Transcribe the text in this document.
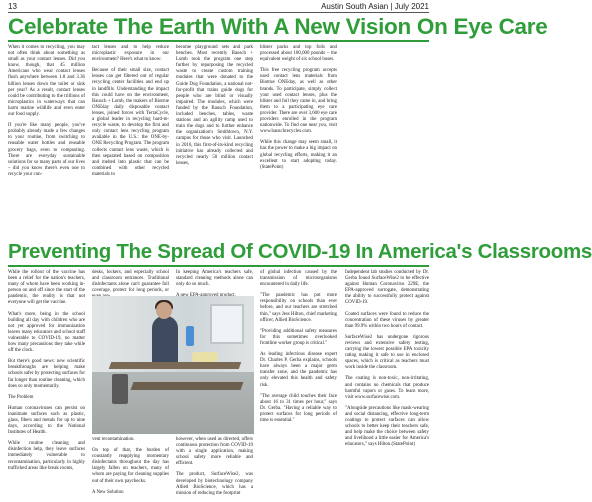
13	Austin South Asian | July 2021
Celebrate The Earth With A New Vision On Eye Care

When it comes to recycling, you may not often think about something as small as your contact lenses. Did you know, though, that 45 million Americans who wear contact lenses flush anywhere between 1.8 and 3.36 billion lenses down the toilet or sink per year? As a result, contact lenses could be contributing to the trillions of microplastics in waterways that can harm marine wildlife and even enter our food supply.

If you're like many people, you've probably already made a few changes to your routine, from switching to reusable water bottles and reusable grocery bags, even to composting. There are everyday sustainable solutions for so many parts of our lives – did you know there's even one to recycle your con-

tact lenses and to help reduce microplastic exposure in our environment? Here's what to know:

Because of their small size, contact lenses can get filtered out of regular recycling center facilities and end up in landfills. Understanding the impact this could have on the environment, Bausch + Lomb, the makers of Biotrue ONEday daily disposable contact lenses, joined forces with TerraCycle, a global leader in recycling hard-to-recycle waste, to develop the first and only contact lens recycling program available in the U.S.: the ONE-by-ONE Recycling Program. The program collects contact lens waste, which is then separated based on composition and melted into plastic that can be combined with other recycled materials to

become playground sets and park benches. Most recently Bausch + Lomb took the program one step further by repurposing the recycled waste to create custom training modules that were donated to the Guide Dog Foundation, a national not-for-profit that trains guide dogs for people who are blind or visually impaired. The modules, which were funded by the Bausch Foundation, included benches, tables, waste stations and an agility ramp used to train the dogs and to further enhance the organization's Smithtown, N.Y. campus for those who visit. Launched in 2016, this first-of-its-kind recycling initiative has already collected and recycled nearly 50 million contact lenses,

blister packs and top foils and processed about 180,000 pounds – the equivalent weight of six school buses.

This free recycling program accepts used contact lens materials from Biotrue ONEday, as well as other brands. To participate, simply collect your used contact lenses, plus the blister and foil they came in, and bring them to a participating eye care provider. There are over 3,600 eye care providers enrolled in the program nationwide. To find one near you, visit www.bauschrecycles.com.

While this change may seem small, it has the power to make a big impact on global recycling efforts, making it an excellent to start adopting today. (StatePoint)

Preventing The Spread Of COVID-19 In America's Classrooms

While the rollout of the vaccine has been a relief for the nation's teachers, many of whom have been working in-person on and off since the start of the pandemic, the reality is that not everyone will get the vaccine.

What's more, being in the school building all day with children who are not yet approved for immunization leaves many educators and school staff vulnerable to COVID-19, no matter how many precautions they take while off the clock.

But there's good news: new scientific breakthroughs are helping make schools safer by protecting surfaces for far longer than routine cleaning, which does so only momentarily.

The Problem

Human coronaviruses can persist on inanimate surfaces such as plastic, glass, fibers and metals for up to nine days, according to the National Institutes of Health.

While routine cleaning and disinfection help, they leave surfaces immediately vulnerable to recontamination, particularly in highly trafficked areas like break rooms,

desks, lockers, and especially school and classroom entrances. Traditional disinfectants alone can't guarantee full coverage, protect for long periods, or

In keeping America's teachers safe, standard cleaning methods alone can only do so much.

vent recontamination.

On top of that, the burden of constantly reapplying momentary disinfectants throughout the day has largely fallen on teachers, many of whom are paying for cleaning supplies out of their own paychecks.

A New Solution

however, when used as directed, offers continuous protection from COVID-19 with a single application, making school safety more reliable and efficient.

The product, SurfaceWise2, was developed by biotechnology company Allied BioScience, which has a mission of reducing the footprint

of global infection caused by the transmission of microorganisms encountered in daily life.

"The pandemic has put more responsibility on schools than ever before, and our teachers are stretched thin," says Jess Hilton, chief marketing officer, Allied BioScience.

"Providing additional safety measures for this sometimes overlooked frontline worker group is critical."

As leading infectious disease expert Dr. Charles P. Gerba explains, schools have always been a major germ transfer zone, and the pandemic has only elevated this health and safety risk.

"The average child touches their face about 16 to 31 times per hour," says Dr. Gerba. "Having a reliable way to protect surfaces for long periods of time is essential."

Independent lab studies conducted by Dr. Gerba found SurfaceWise2 to be effective against Human Coronavirus 229E, the EPA-approved surrogate, demonstrating the ability to successfully protect against COVID-19.

Coated surfaces were found to reduce the concentration of these viruses by greater than 99.9% within two hours of contact.

SurfaceWise2 has undergone rigorous reviews and extensive safety testing, carrying the lowest possible EPA toxicity rating making it safe to use in enclosed spaces, which is critical as teachers must work inside the classroom.

The coating is non-toxic, non-irritating, and contains no chemicals that produce harmful vapors or gases. To learn more, visit www.surfacewise.com.

"Alongside precautions like mask-wearing and social distancing, effective long-term coatings to protect surfaces can allow schools to better keep their teachers safe, and help make the choice between safety and livelihood a little easier for America's educators," says Hilton.(StatePoint)
